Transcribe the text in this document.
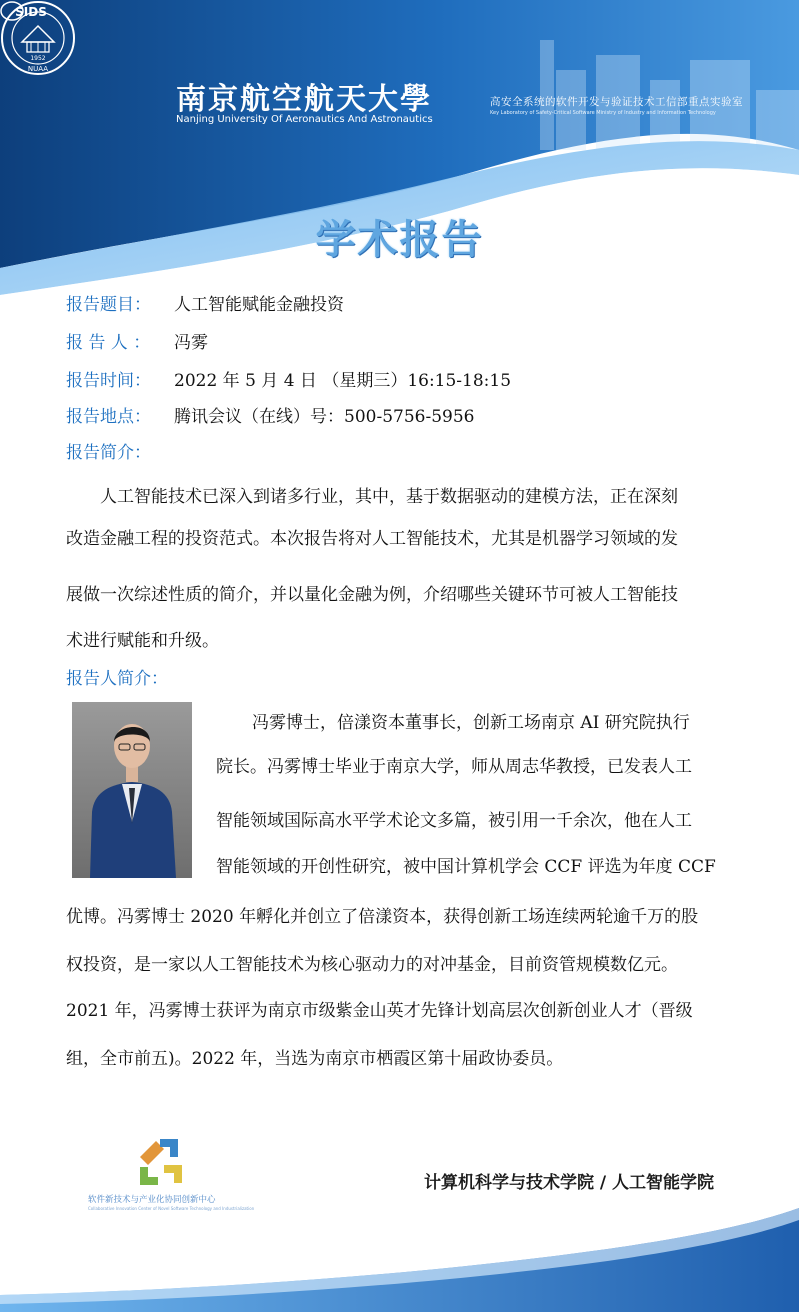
1952
NUAA
南京航空航天大學
Nanjing University Of Aeronautics And Astronautics
SIDS
高安全系统的软件开发与验证技术工信部重点实验室
Key Laboratory of Safety-Critical Software Ministry of Industry and Information Technology
学术报告
报告题目： 人工智能赋能金融投资
报 告 人 ： 冯雾
报告时间： 2022 年 5 月 4 日 （星期三）16:15-18:15
报告地点： 腾讯会议（在线）号：500-5756-5956
报告简介：
人工智能技术已深入到诸多行业，其中，基于数据驱动的建模方法，正在深刻
改造金融工程的投资范式。本次报告将对人工智能技术，尤其是机器学习领域的发
展做一次综述性质的简介，并以量化金融为例，介绍哪些关键环节可被人工智能技
术进行赋能和升级。
报告人简介：
冯雾博士，倍漾资本董事长，创新工场南京 AI 研究院执行
院长。冯雾博士毕业于南京大学，师从周志华教授，已发表人工
智能领域国际高水平学术论文多篇，被引用一千余次，他在人工
智能领域的开创性研究，被中国计算机学会 CCF 评选为年度 CCF
优博。冯雾博士 2020 年孵化并创立了倍漾资本，获得创新工场连续两轮逾千万的股
权投资，是一家以人工智能技术为核心驱动力的对冲基金，目前资管规模数亿元。
2021 年，冯雾博士获评为南京市级紫金山英才先锋计划高层次创新创业人才（晋级
组，全市前五)。2022 年，当选为南京市栖霞区第十届政协委员。
软件新技术与产业化协同创新中心
Collaborative Innovation Center of Novel Software Technology and Industrialization
计算机科学与技术学院 / 人工智能学院
